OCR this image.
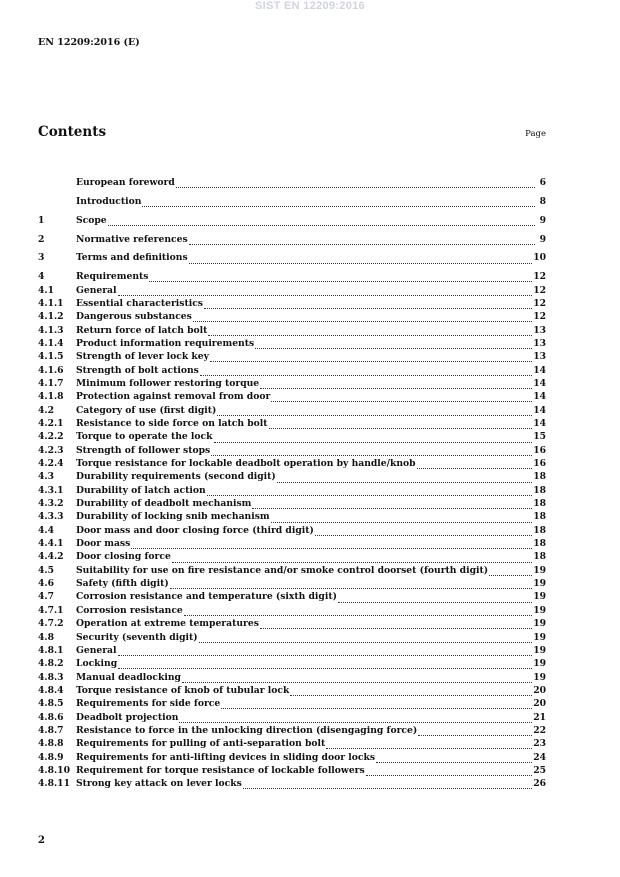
SIST EN 12209:2016
EN 12209:2016 (E)
Contents	Page
European foreword	6
Introduction	8
1	Scope	9
2	Normative references	9
3	Terms and definitions	10
4	Requirements	12
4.1	General	12
4.1.1	Essential characteristics	12
4.1.2	Dangerous substances	12
4.1.3	Return force of latch bolt	13
4.1.4	Product information requirements	13
4.1.5	Strength of lever lock key	13
4.1.6	Strength of bolt actions	14
4.1.7	Minimum follower restoring torque	14
4.1.8	Protection against removal from door	14
4.2	Category of use (first digit)	14
4.2.1	Resistance to side force on latch bolt	14
4.2.2	Torque to operate the lock	15
4.2.3	Strength of follower stops	16
4.2.4	Torque resistance for lockable deadbolt operation by handle/knob	16
4.3	Durability requirements (second digit)	18
4.3.1	Durability of latch action	18
4.3.2	Durability of deadbolt mechanism	18
4.3.3	Durability of locking snib mechanism	18
4.4	Door mass and door closing force (third digit)	18
4.4.1	Door mass	18
4.4.2	Door closing force	18
4.5	Suitability for use on fire resistance and/or smoke control doorset (fourth digit)	19
4.6	Safety (fifth digit)	19
4.7	Corrosion resistance and temperature (sixth digit)	19
4.7.1	Corrosion resistance	19
4.7.2	Operation at extreme temperatures	19
4.8	Security (seventh digit)	19
4.8.1	General	19
4.8.2	Locking	19
4.8.3	Manual deadlocking	19
4.8.4	Torque resistance of knob of tubular lock	20
4.8.5	Requirements for side force	20
4.8.6	Deadbolt projection	21
4.8.7	Resistance to force in the unlocking direction (disengaging force)	22
4.8.8	Requirements for pulling of anti-separation bolt	23
4.8.9	Requirements for anti-lifting devices in sliding door locks	24
4.8.10 Requirement for torque resistance of lockable followers	25
4.8.11 Strong key attack on lever locks	26
2
